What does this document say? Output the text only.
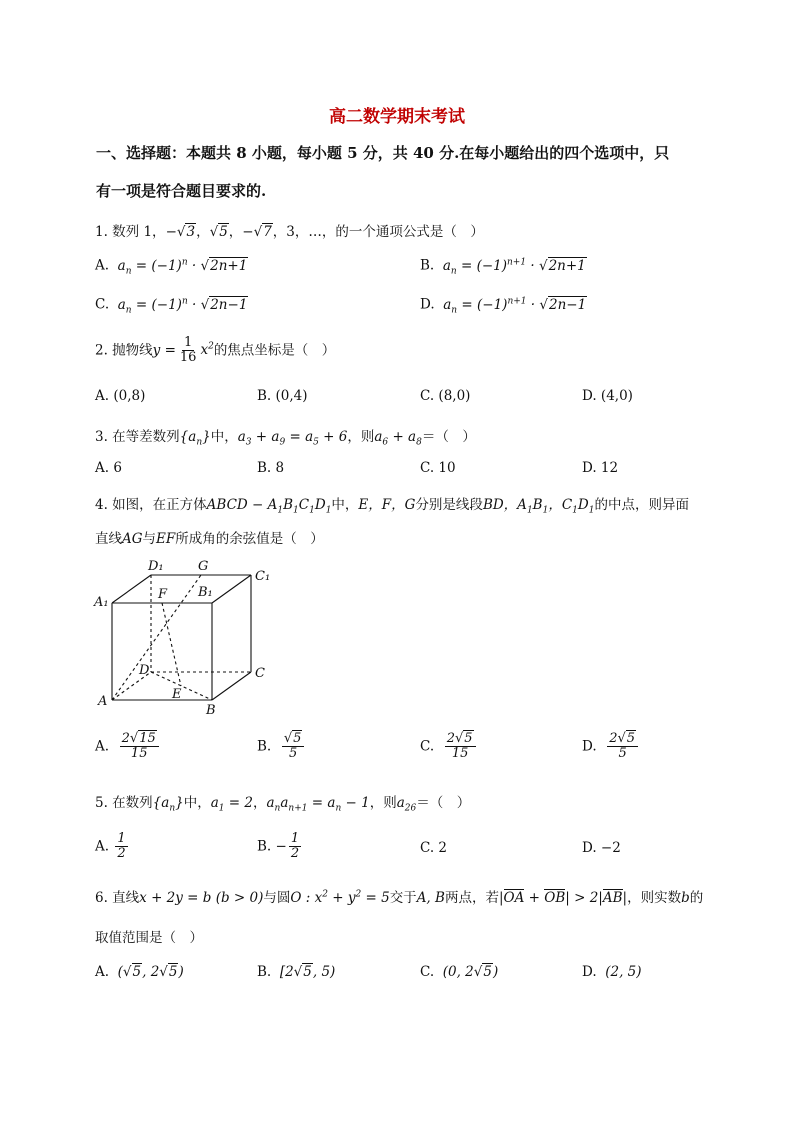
高二数学期末考试
一、选择题：本题共 8 小题，每小题 5 分，共 40 分.在每小题给出的四个选项中，只
有一项是符合题目要求的.
1. 数列 1，−√3，√5，−√7，3，…，的一个通项公式是（　）
A. $a_n = (-1)^n \cdot √2n+1$	B. $a_n = (-1)^{n+1} \cdot √2n+1$
C. $a_n = (-1)^n \cdot √2n-1$	D. $a_n = (-1)^{n+1} \cdot √2n-1$
2. 抛物线$y = \frac{1}{16} x^2$的焦点坐标是（　）
A. (0,8)	B. (0,4)	C. (8,0)	D. (4,0)
3. 在等差数列$\{a_n\}$中，$a_3 + a_9 = a_5 + 6$，则$a_6 + a_8=$（　）
A. 6	B. 8	C. 10	D. 12
4. 如图，在正方体ABCD − $A_1B_1C_1D_1$中，E，F，G分别是线段BD，$A_1B_1$，$C_1D_1$的中点，则异面
直线AG与EF所成角的余弦值是（　）
D₁	G
C₁
A₁
F B₁
D	C
A	E
B
A. $\frac{2√15}{15}$	B. $\frac{√5}{5}$	C. $\frac{2√5}{15}$	D. $\frac{2√5}{5}$
5. 在数列$\{a_n\}$中，$a_1 = 2$，$a_na_{n+1} = a_n - 1$，则$a_{26}=$（　）
A. $\frac{1}{2}$	B. − $\frac{1}{2}$	C. 2	D. −2
6. 直线x + 2y = b (b > 0)与圆O : $x^2 + y^2 = 5$交于A, B两点，若|OA + OB| > 2|AB|，则实数b的
取值范围是（　）
A. (√5, 2√5)	B. [2√5, 5)	C. (0, 2√5)	D. (2, 5)
